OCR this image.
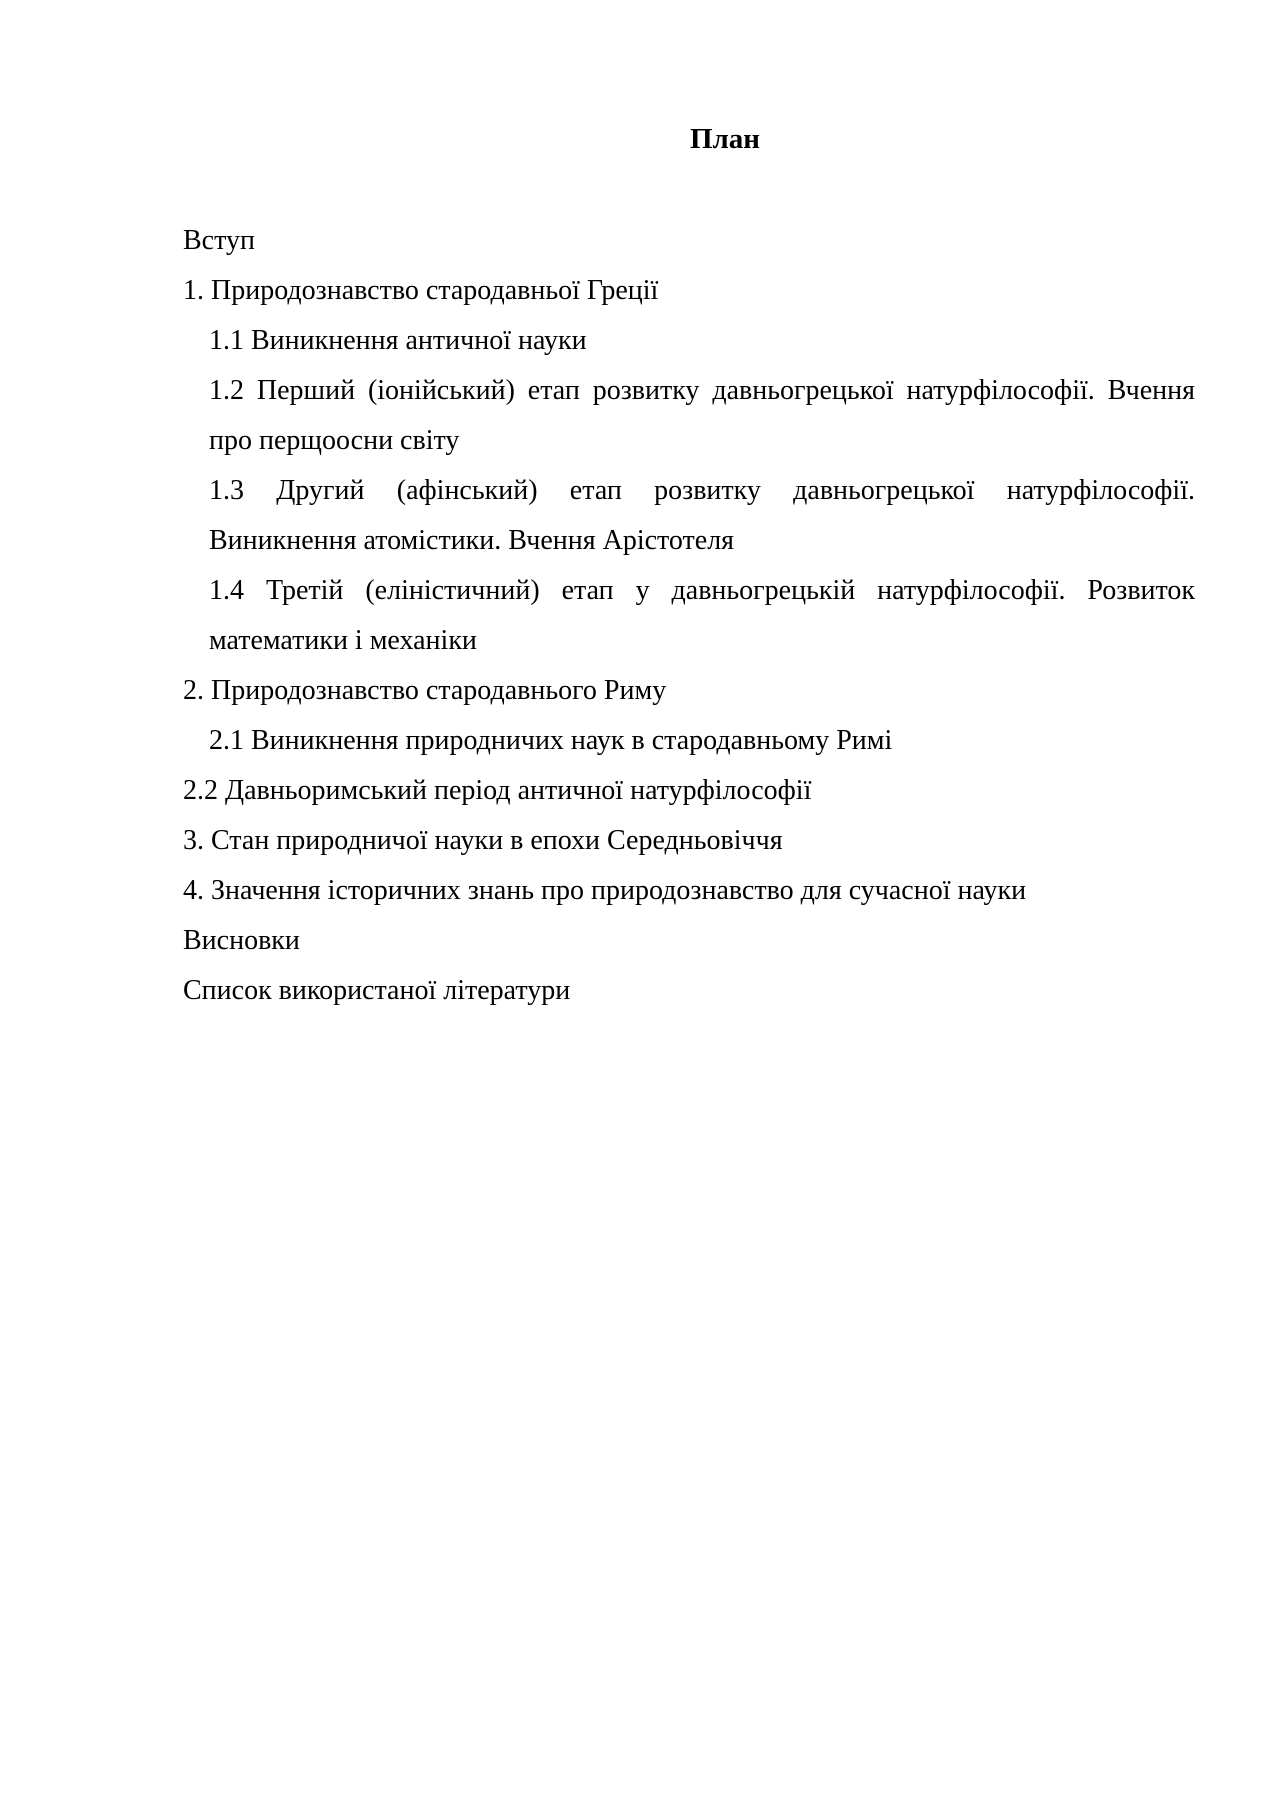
План
Вступ
1. Природознавство стародавньої Греції
1.1 Виникнення античної науки
1.2 Перший (іонійський) етап розвитку давньогрецької натурфілософії. Вчення про перщоосни світу
1.3 Другий (афінський) етап розвитку давньогрецької натурфілософії. Виникнення атомістики. Вчення Арістотеля
1.4 Третій (еліністичний) етап у давньогрецькій натурфілософії. Розвиток математики і механіки
2. Природознавство стародавнього Риму
2.1 Виникнення природничих наук в стародавньому Римі
2.2 Давньоримський період античної натурфілософії
3. Стан природничої науки в епохи Середньовіччя
4. Значення історичних знань про природознавство для сучасної науки
Висновки
Список використаної літератури
